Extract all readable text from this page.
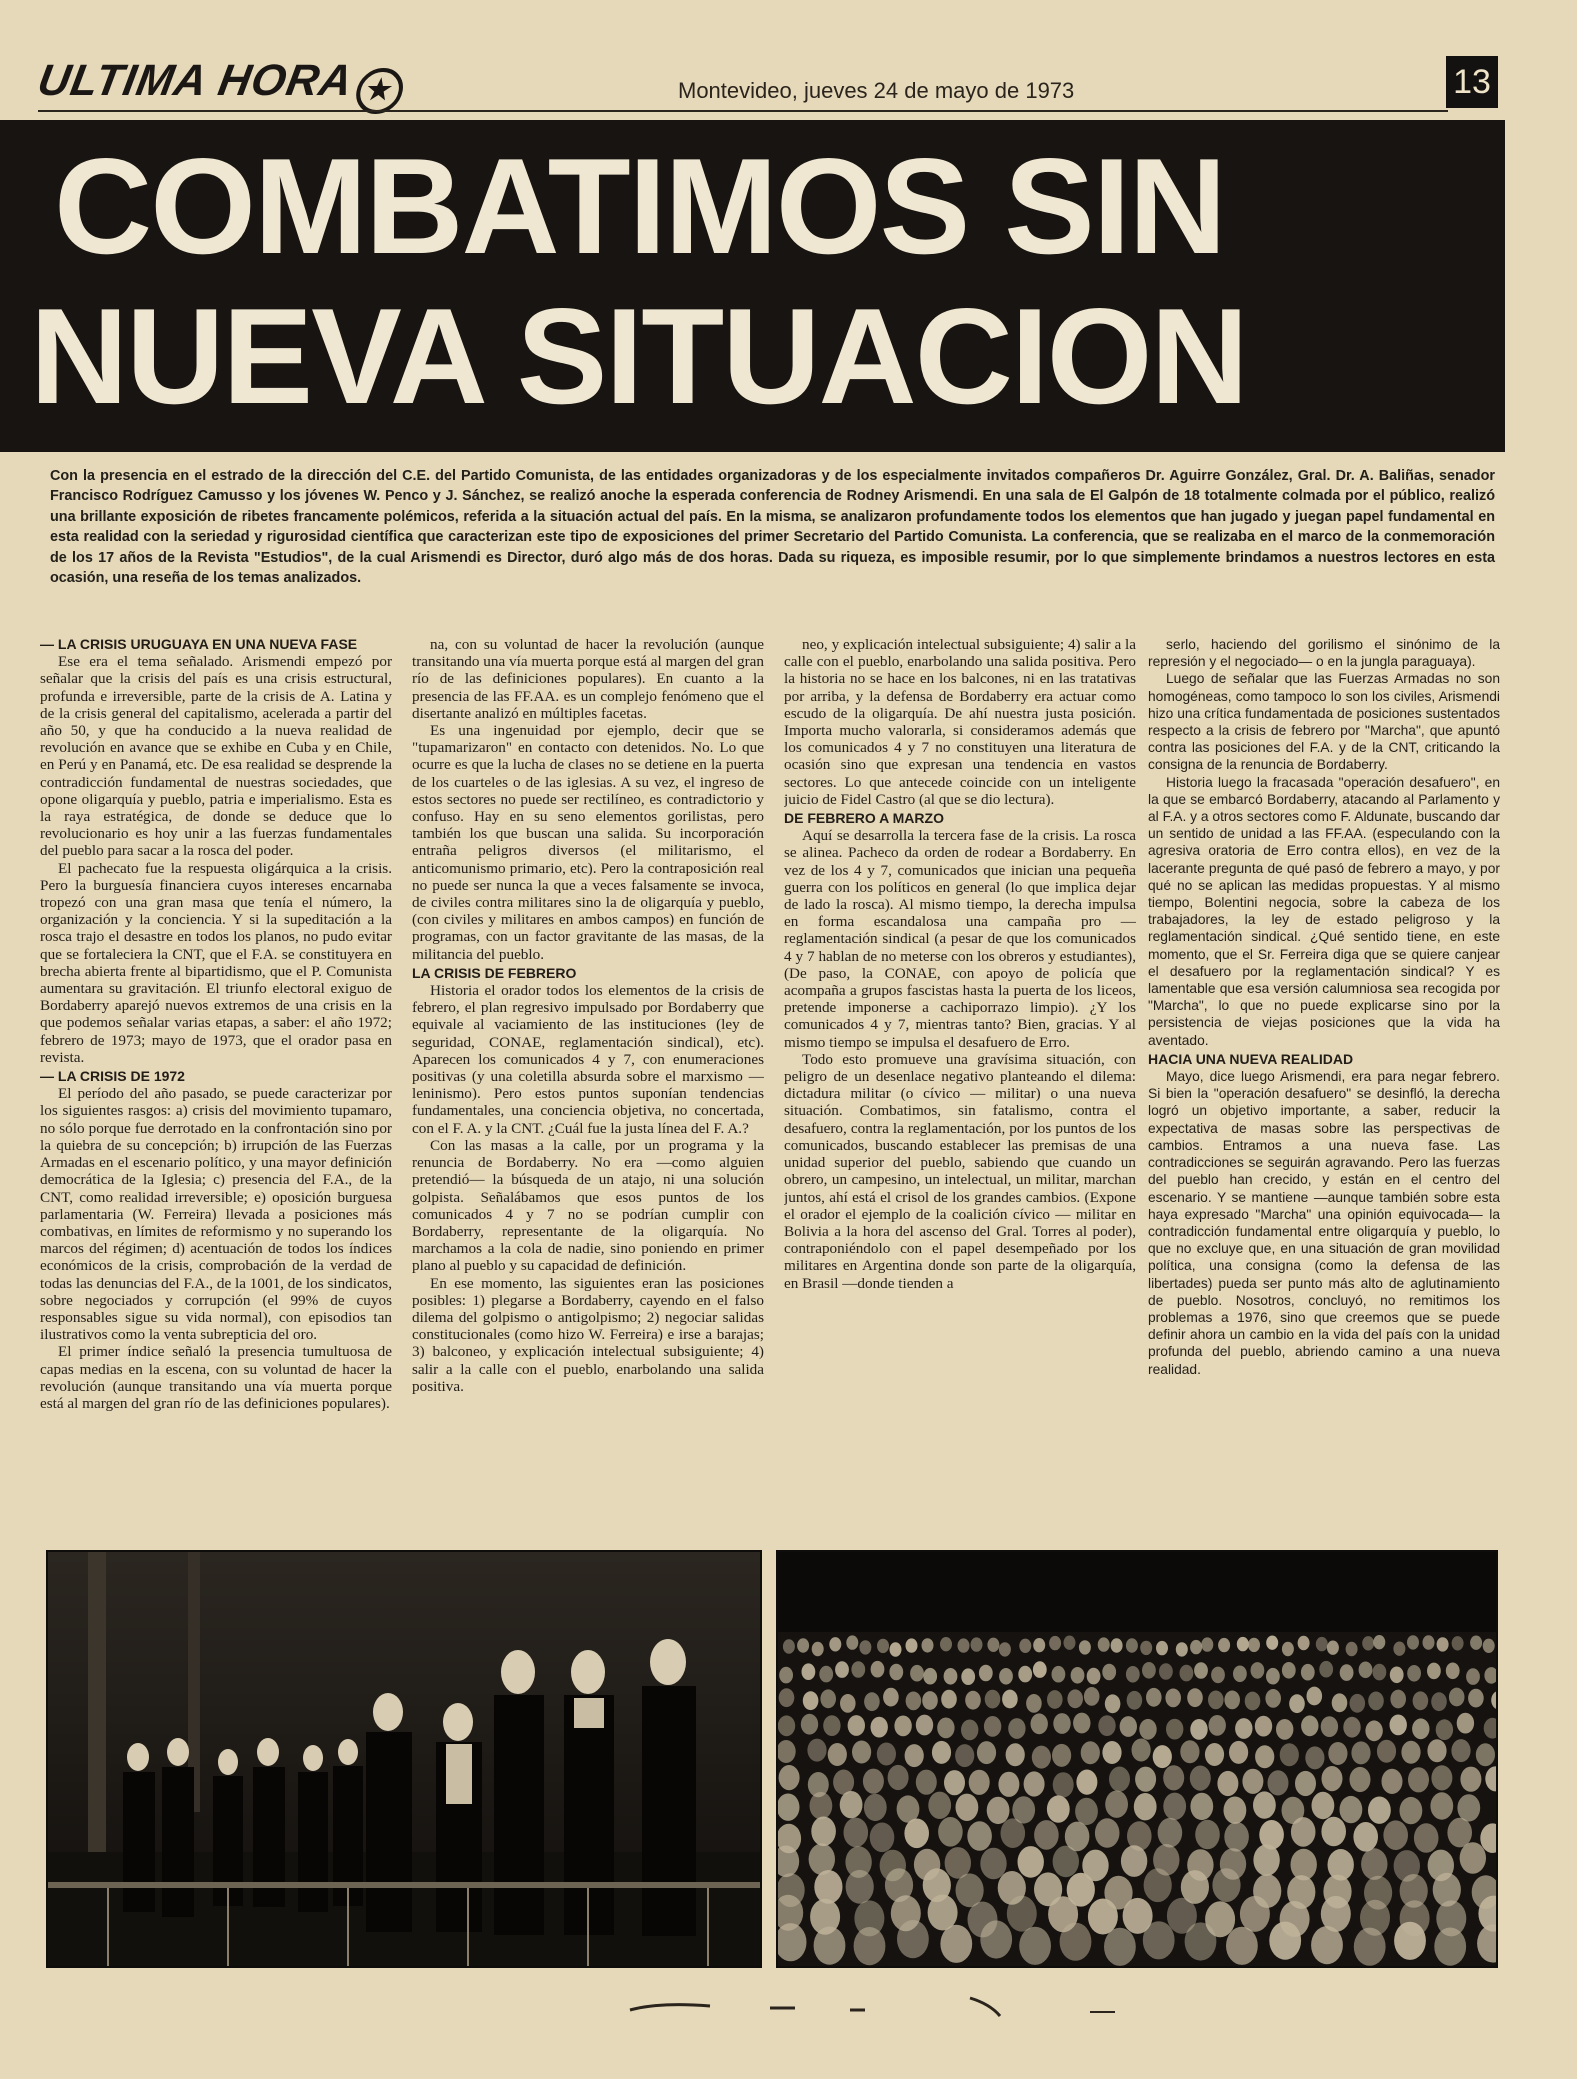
ULTIMA HORA ★	Montevideo, jueves 24 de mayo de 1973	13
COMBATIMOS SIN
NUEVA SITUACION
Con la presencia en el estrado de la dirección del C.E. del Partido Comunista, de las entidades organizadoras y de los especialmente invitados compañeros Dr. Aguirre González, Gral. Dr. A. Baliñas, senador Francisco Rodríguez Camusso y los jóvenes W. Penco y J. Sánchez, se realizó anoche la esperada conferencia de Rodney Arismendi. En una sala de El Galpón de 18 totalmente colmada por el público, realizó una brillante exposición de ribetes francamente polémicos, referida a la situación actual del país. En la misma, se analizaron profundamente todos los elementos que han jugado y juegan papel fundamental en esta realidad con la seriedad y rigurosidad científica que caracterizan este tipo de exposiciones del primer Secretario del Partido Comunista. La conferencia, que se realizaba en el marco de la conmemoración de los 17 años de la Revista "Estudios", de la cual Arismendi es Director, duró algo más de dos horas. Dada su riqueza, es imposible resumir, por lo que simplemente brindamos a nuestros lectores en esta ocasión, una reseña de los temas analizados.

— LA CRISIS URUGUAYA EN UNA NUEVA FASE

Ese era el tema señalado. Arismendi empezó por señalar que la crisis del país es una crisis estructural, profunda e irreversible, parte de la crisis de A. Latina y de la crisis general del capitalismo, acelerada a partir del año 50, y que ha conducido a la nueva realidad de revolución en avance que se exhibe en Cuba y en Chile, en Perú y en Panamá, etc. De esa realidad se desprende la contradicción fundamental de nuestras sociedades, que opone oligarquía y pueblo, patria e imperialismo. Esta es la raya estratégica, de donde se deduce que lo revolucionario es hoy unir a las fuerzas fundamentales del pueblo para sacar a la rosca del poder.

El pachecato fue la respuesta oligárquica a la crisis. Pero la burguesía financiera cuyos intereses encarnaba tropezó con una gran masa que tenía el número, la organización y la conciencia. Y si la supeditación a la rosca trajo el desastre en todos los planos, no pudo evitar que se fortaleciera la CNT, que el F.A. se constituyera en brecha abierta frente al bipartidismo, que el P. Comunista aumentara su gravitación. El triunfo electoral exiguo de Bordaberry aparejó nuevos extremos de una crisis en la que podemos señalar varias etapas, a saber: el año 1972; febrero de 1973; mayo de 1973, que el orador pasa en revista.

— LA CRISIS DE 1972

El período del año pasado, se puede caracterizar por los siguientes rasgos: a) crisis del movimiento tupamaro, no sólo porque fue derrotado en la confrontación sino por la quiebra de su concepción; b) irrupción de las Fuerzas Armadas en el escenario político, y una mayor definición democrática de la Iglesia; c) presencia del F.A., de la CNT, como realidad irreversible; e) oposición burguesa parlamentaria (W. Ferreira) llevada a posiciones más combativas, en límites de reformismo y no superando los marcos del régimen; d) acentuación de todos los índices económicos de la crisis, comprobación de la verdad de todas las denuncias del F.A., de la 1001, de los sindicatos, sobre negociados y corrupción (el 99% de cuyos responsables sigue su vida normal), con episodios tan ilustrativos como la venta subrepticia del oro.

El primer índice señaló la presencia tumultuosa de capas medias en la escena, con su voluntad de hacer la revolución (aunque transitando una vía muerta porque está al margen del gran río de las definiciones populares).

na, con su voluntad de hacer la revolución (aunque transitando una vía muerta porque está al margen del gran río de las definiciones populares). En cuanto a la presencia de las FF.AA. es un complejo fenómeno que el disertante analizó en múltiples facetas.

Es una ingenuidad por ejemplo, decir que se "tupamarizaron" en contacto con detenidos. No. Lo que ocurre es que la lucha de clases no se detiene en la puerta de los cuarteles o de las iglesias. A su vez, el ingreso de estos sectores no puede ser rectilíneo, es contradictorio y confuso. Hay en su seno elementos gorilistas, pero también los que buscan una salida. Su incorporación entraña peligros diversos (el militarismo, el anticomunismo primario, etc). Pero la contraposición real no puede ser nunca la que a veces falsamente se invoca, de civiles contra militares sino la de oligarquía y pueblo, (con civiles y militares en ambos campos) en función de programas, con un factor gravitante de las masas, de la militancia del pueblo.

LA CRISIS DE FEBRERO

Historia el orador todos los elementos de la crisis de febrero, el plan regresivo impulsado por Bordaberry que equivale al vaciamiento de las instituciones (ley de seguridad, CONAE, reglamentación sindical), etc). Aparecen los comunicados 4 y 7, con enumeraciones positivas (y una coletilla absurda sobre el marxismo — leninismo). Pero estos puntos suponían tendencias fundamentales, una conciencia objetiva, no concertada, con el F. A. y la CNT. ¿Cuál fue la justa línea del F. A.?

Con las masas a la calle, por un programa y la renuncia de Bordaberry. No era —como alguien pretendió— la búsqueda de un atajo, ni una solución golpista. Señalábamos que esos puntos de los comunicados 4 y 7 no se podrían cumplir con Bordaberry, representante de la oligarquía. No marchamos a la cola de nadie, sino poniendo en primer plano al pueblo y su capacidad de definición.

En ese momento, las siguientes eran las posiciones posibles: 1) plegarse a Bordaberry, cayendo en el falso dilema del golpismo o antigolpismo; 2) negociar salidas constitucionales (como hizo W. Ferreira) e irse a barajas; 3) balconeo, y explicación intelectual subsiguiente; 4) salir a la calle con el pueblo, enarbolando una salida positiva.

neo, y explicación intelectual subsiguiente; 4) salir a la calle con el pueblo, enarbolando una salida positiva. Pero la historia no se hace en los balcones, ni en las tratativas por arriba, y la defensa de Bordaberry era actuar como escudo de la oligarquía. De ahí nuestra justa posición. Importa mucho valorarla, si consideramos además que los comunicados 4 y 7 no constituyen una literatura de ocasión sino que expresan una tendencia en vastos sectores. Lo que antecede coincide con un inteligente juicio de Fidel Castro (al que se dio lectura).

DE FEBRERO A MARZO

Aquí se desarrolla la tercera fase de la crisis. La rosca se alinea. Pacheco da orden de rodear a Bordaberry. En vez de los 4 y 7, comunicados que inician una pequeña guerra con los políticos en general (lo que implica dejar de lado la rosca). Al mismo tiempo, la derecha impulsa en forma escandalosa una campaña pro — reglamentación sindical (a pesar de que los comunicados 4 y 7 hablan de no meterse con los obreros y estudiantes), (De paso, la CONAE, con apoyo de policía que acompaña a grupos fascistas hasta la puerta de los liceos, pretende imponerse a cachiporrazo limpio). ¿Y los comunicados 4 y 7, mientras tanto? Bien, gracias. Y al mismo tiempo se impulsa el desafuero de Erro.

Todo esto promueve una gravísima situación, con peligro de un desenlace negativo planteando el dilema: dictadura militar (o cívico — militar) o una nueva situación. Combatimos, sin fatalismo, contra el desafuero, contra la reglamentación, por los puntos de los comunicados, buscando establecer las premisas de una unidad superior del pueblo, sabiendo que cuando un obrero, un campesino, un intelectual, un militar, marchan juntos, ahí está el crisol de los grandes cambios. (Expone el orador el ejemplo de la coalición cívico — militar en Bolivia a la hora del ascenso del Gral. Torres al poder), contraponiéndolo con el papel desempeñado por los militares en Argentina donde son parte de la oligarquía, en Brasil —donde tienden a

serlo, haciendo del gorilismo el sinónimo de la represión y el negociado— o en la jungla paraguaya).

Luego de señalar que las Fuerzas Armadas no son homogéneas, como tampoco lo son los civiles, Arismendi hizo una crítica fundamentada de posiciones sustentados respecto a la crisis de febrero por "Marcha", que apuntó contra las posiciones del F.A. y de la CNT, criticando la consigna de la renuncia de Bordaberry.

Historia luego la fracasada "operación desafuero", en la que se embarcó Bordaberry, atacando al Parlamento y al F.A. y a otros sectores como F. Aldunate, buscando dar un sentido de unidad a las FF.AA. (especulando con la agresiva oratoria de Erro contra ellos), en vez de la lacerante pregunta de qué pasó de febrero a mayo, y por qué no se aplican las medidas propuestas. Y al mismo tiempo, Bolentini negocia, sobre la cabeza de los trabajadores, la ley de estado peligroso y la reglamentación sindical. ¿Qué sentido tiene, en este momento, que el Sr. Ferreira diga que se quiere canjear el desafuero por la reglamentación sindical? Y es lamentable que esa versión calumniosa sea recogida por "Marcha", lo que no puede explicarse sino por la persistencia de viejas posiciones que la vida ha aventado.

HACIA UNA NUEVA REALIDAD

Mayo, dice luego Arismendi, era para negar febrero. Si bien la "operación desafuero" se desinfló, la derecha logró un objetivo importante, a saber, reducir la expectativa de masas sobre las perspectivas de cambios. Entramos a una nueva fase. Las contradicciones se seguirán agravando. Pero las fuerzas del pueblo han crecido, y están en el centro del escenario. Y se mantiene —aunque también sobre esta haya expresado "Marcha" una opinión equivocada— la contradicción fundamental entre oligarquía y pueblo, lo que no excluye que, en una situación de gran movilidad política, una consigna (como la defensa de las libertades) pueda ser punto más alto de aglutinamiento de pueblo. Nosotros, concluyó, no remitimos los problemas a 1976, sino que creemos que se puede definir ahora un cambio en la vida del país con la unidad profunda del pueblo, abriendo camino a una nueva realidad.
